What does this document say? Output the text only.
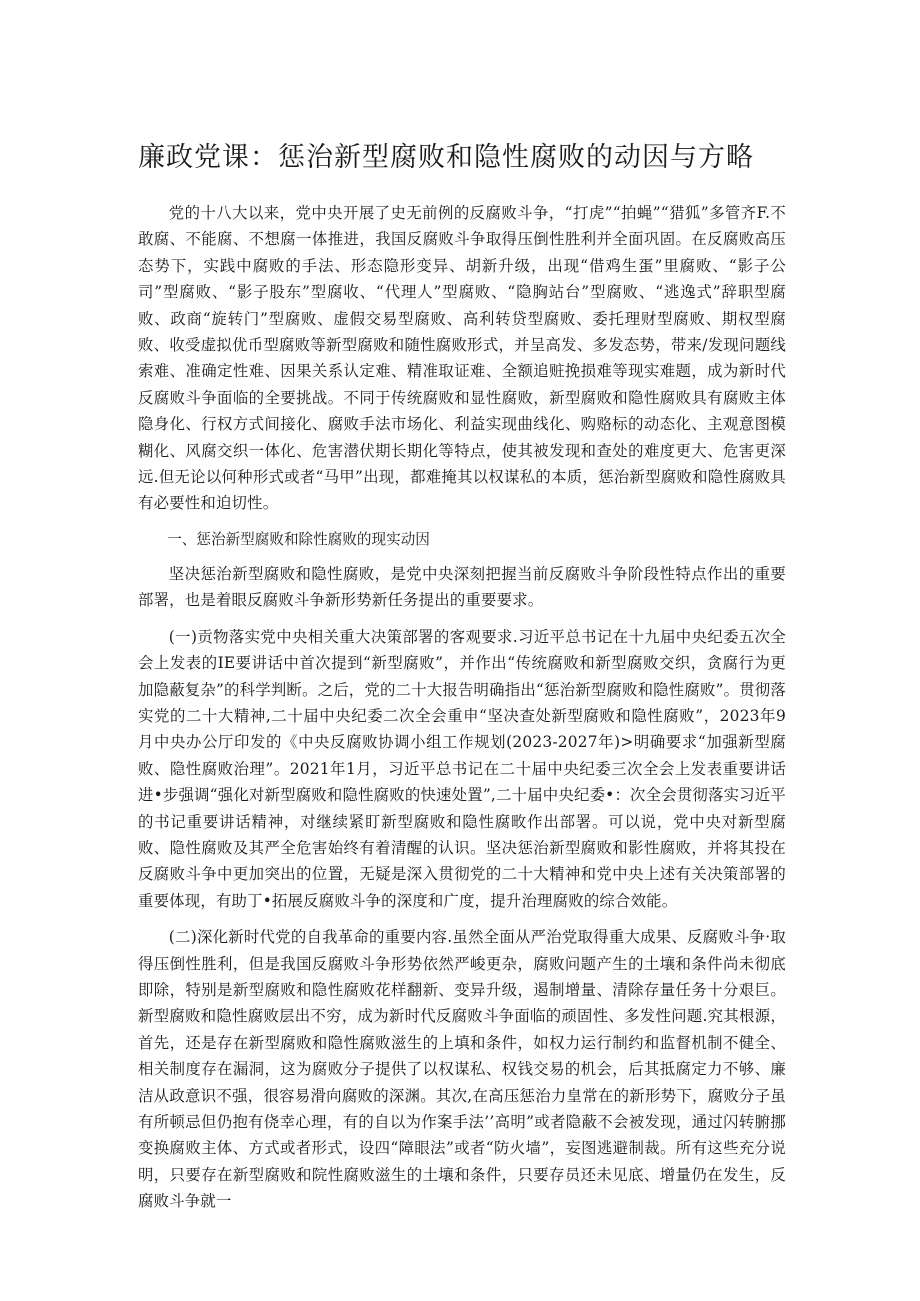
廉政党课：惩治新型腐败和隐性腐败的动因与方略

党的十八大以来，党中央开展了史无前例的反腐败斗争，“打虎”“拍蝇”“猎狐”多管齐F.不敢腐、不能腐、不想腐一体推进，我国反腐败斗争取得压倒性胜利并全面巩固。在反腐败高压态势下，实践中腐败的手法、形态隐形变异、胡新升级，出现“借鸡生蛋”里腐败、“影子公司”型腐败、“影子股东”型腐收、“代理人”型腐败、“隐胸站台”型腐败、“逃逸式”辞职型腐败、政商“旋转门”型腐败、虚假交易型腐败、高利转贷型腐败、委托理财型腐败、期权型腐败、收受虚拟优币型腐败等新型腐败和随性腐败形式，并呈高发、多发态势，带来/发现问题线索难、准确定性难、因果关系认定难、精准取证难、全额追赃挽损难等现实难题，成为新时代反腐败斗争面临的全要挑战。不同于传统腐败和显性腐败，新型腐败和隐性腐败具有腐败主体隐身化、行权方式间接化、腐败手法市场化、利益实现曲线化、购赂标的动态化、主观意图模糊化、风腐交织一体化、危害潜伏期长期化等特点，使其被发现和查处的难度更大、危害更深远.但无论以何种形式或者“马甲”出现，都难掩其以权谋私的本质，惩治新型腐败和隐性腐败具有必要性和迫切性。

一、惩治新型腐败和除性腐败的现实动因

坚决惩治新型腐败和隐性腐败，是党中央深刻把握当前反腐败斗争阶段性特点作出的重要部署，也是着眼反腐败斗争新形势新任务提出的重要要求。

(一)贡物落实党中央相关重大决策部署的客观要求.习近平总书记在十九届中央纪委五次全会上发表的IE要讲话中首次提到“新型腐败”，并作出“传统腐败和新型腐败交织，贪腐行为更加隐蔽复杂”的科学判断。之后，党的二十大报告明确指出“惩治新型腐败和隐性腐败”。贯彻落实党的二十大精神,二十届中央纪委二次全会重申“坚决查处新型腐败和隐性腐败”，2023年9月中央办公厅印发的《中央反腐败协调小组工作规划(2023-2027年)>明确要求“加强新型腐败、隐性腐败治理”。2021年1月，习近平总书记在二十届中央纪委三次全会上发表重要讲话进•步强调“强化对新型腐败和隐性腐败的快速处置”,二十届中央纪委•：次全会贯彻落实习近平的书记重要讲话精神，对继续紧盯新型腐败和隐性腐畋作出部署。可以说，党中央对新型腐败、隐性腐败及其严全危害始终有着清醒的认识。坚决惩治新型腐败和影性腐败，并将其投在反腐败斗争中更加突出的位置，无疑是深入贯彻党的二十大精神和党中央上述有关决策部署的重要体现，有助丁•拓展反腐败斗争的深度和广度，提升治理腐败的综合效能。

(二)深化新时代党的自我革命的重要内容.虽然全面从严治党取得重大成果、反腐败斗争·取得压倒性胜利，但是我国反腐败斗争形势依然严峻更杂，腐败问题产生的土壤和条件尚未彻底即除，特别是新型腐败和隐性腐败花样翻新、变异升级，遏制增量、清除存量任务十分艰巨。新型腐败和隐性腐败层出不穷，成为新时代反腐败斗争面临的顽固性、多发性问题.究其根源，首先，还是存在新型腐败和隐性腐败滋生的上填和条件，如权力运行制约和监督机制不健全、相关制度存在漏洞，这为腐败分子提供了以权谋私、权钱交易的机会，后其抵腐定力不够、廉洁从政意识不强，很容易滑向腐败的深渊。其次,在高压惩治力皇常在的新形势下，腐败分子虽有所顿忌但仍抱有侥幸心理，有的自以为作案手法’’高明”或者隐蔽不会被发现，通过闪转腑挪变换腐败主体、方式或者形式，设四“障眼法”或者“防火墙”，妄图逃避制裁。所有这些充分说明，只要存在新型腐败和院性腐败滋生的土壤和条件，只要存员还未见底、增量仍在发生，反腐败斗争就一
